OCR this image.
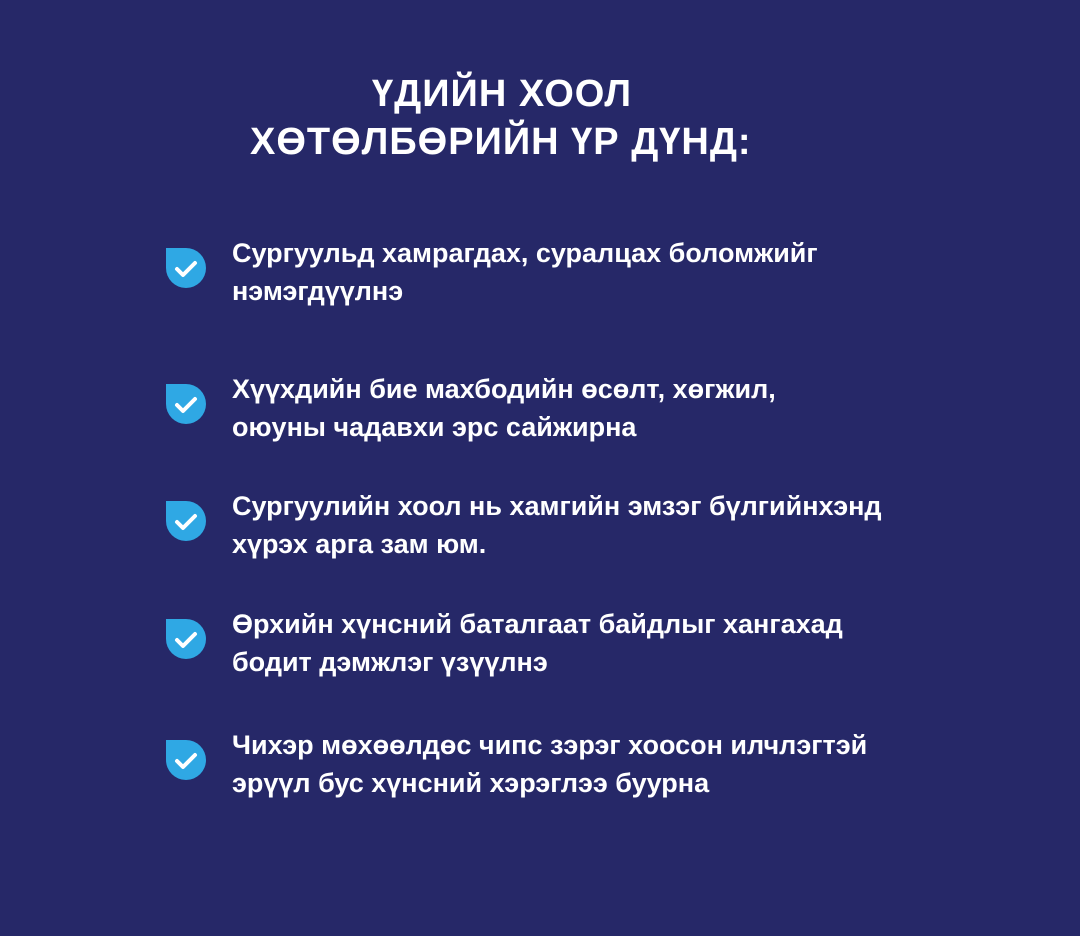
ҮДИЙН ХООЛ
ХӨТӨЛБӨРИЙН ҮР ДҮНД:
Сургуульд хамрагдах, суралцах боломжийг
нэмэгдүүлнэ
Хүүхдийн бие махбодийн өсөлт, хөгжил,
оюуны чадавхи эрс сайжирна
Сургуулийн хоол нь хамгийн эмзэг бүлгийнхэнд
хүрэх арга зам юм.
Өрхийн хүнсний баталгаат байдлыг хангахад
бодит дэмжлэг үзүүлнэ
Чихэр мөхөөлдөс чипс зэрэг хоосон илчлэгтэй
эрүүл бус хүнсний хэрэглээ буурна
